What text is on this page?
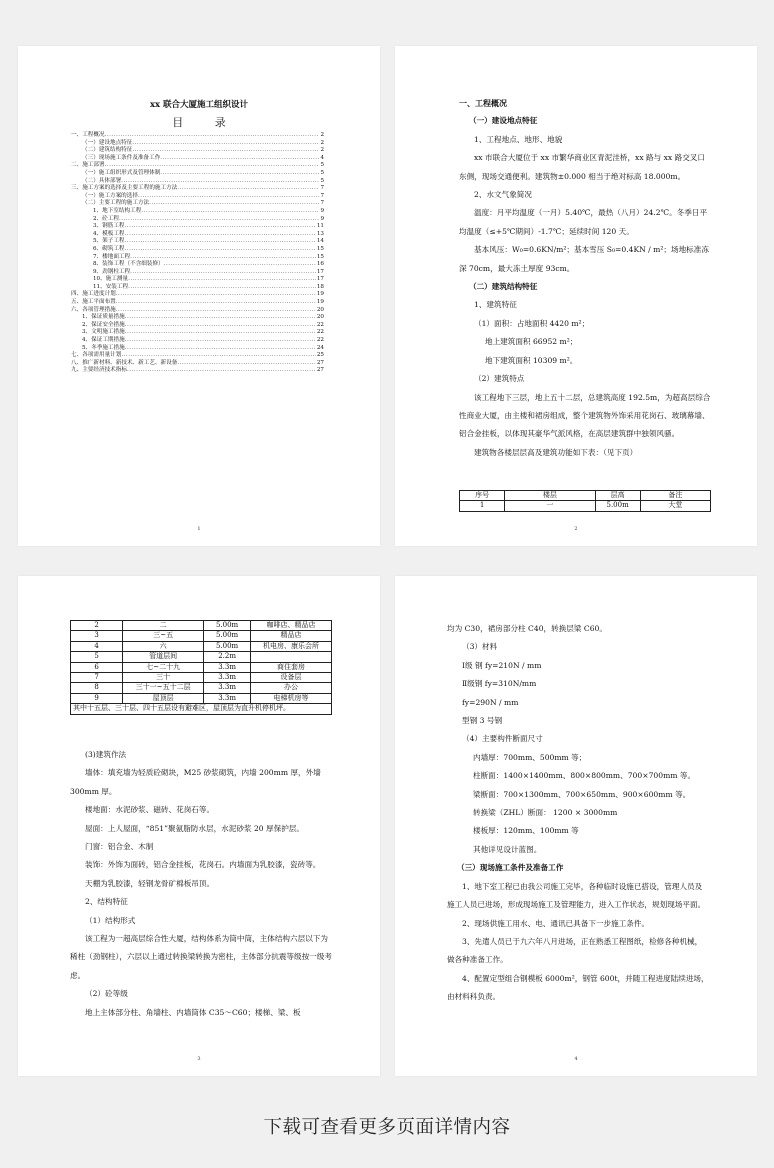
xx 联合大厦施工组织设计
目 录
一、工程概况 .....	2
（一）建设地点特征 .....	2
（二）建筑结构特征 .....	2
（三）现场施工条件及准备工作 .....	4
二、施工部署 .....	5
（一）施工组织形式及管理体制 .....	5
（二）具体部署 .....	5
三、施工方案的选择及主要工程的施工方法 .....	7
（一）施工方案的选择 .....	7
（二）主要工程的施工方法 .....	7
1、地下室结构工程 .....	9
2、砼工程 .....	9
3、钢筋工程 .....	11
4、模板工程 .....	13
5、架子工程 .....	14
6、砌筑工程 .....	15
7、楼地面工程 .....	15
8、装饰工程（不含细装修） .....	16
9、劲钢柱工程 .....	17
10、施工测量 .....	17
11、安装工程 .....	18
四、施工进度计划 .....	19
五、施工平面布置 .....	19
六、各项管理措施 .....	20
1、保证质量措施 .....	20
2、保证安全措施 .....	22
3、文明施工措施 .....	22
4、保证工期措施 .....	22
5、冬季施工措施 .....	24
七、各项需用量计划 .....	25
八、推广新材料、新技术、新工艺、新设备 .....	27
九、主要经济技术指标 .....	27
1
一、工程概况
（一）建设地点特征
1、工程地点、地形、地貌
xx 市联合大厦位于 xx 市繁华商业区青泥洼桥，xx 路与 xx 路交叉口东侧，现场交通便利。建筑物±0.000 相当于绝对标高 18.000m。
2、水文气象简况
温度：月平均温度（一月）5.40℃，最热（八月）24.2℃。冬季日平均温度（≤+5℃期间）-1.7℃；延续时间 120 天。
基本风压：W₀=0.6KN/m²；基本雪压 S₀=0.4KN / m²；场地标准冻深 70cm，最大冻土厚度 93cm。
（二）建筑结构特征
1、建筑特征
（1）面积：占地面积 4420 m²；
地上建筑面积 66952 m²；
地下建筑面积 10309 m²。
（2）建筑特点
该工程地下三层，地上五十二层，总建筑高度 192.5m，为超高层综合性商业大厦，由主楼和裙房组成，整个建筑物外饰采用花岗石、玻璃幕墙、铝合金挂板，以体现其豪华气派风格，在高层建筑群中独领风骚。
建筑物各楼层层高及建筑功能如下表：（见下页）
序号	楼层	层高	备注
1	一	5.00m	大堂
2
2	二	5.00m	咖啡店、精品店
3	三~五	5.00m	精品店
4	六	5.00m	机电房、康乐会所
5	管道层间	2.2m	
6	七~二十九	3.3m	商住套房
7	三十	3.3m	设备层
8	三十一~五十二层	3.3m	办公
9	屋顶层	3.3m	电梯机房等
其中十五层、三十层、四十五层设有避难区，屋顶层为直升机停机坪。			
(3)建筑作法
墙体：填充墙为轻质砼砌块，M25 砂浆砌筑，内墙 200mm 厚，外墙 300mm 厚。
楼地面：水泥砂浆、磁砖、花岗石等。
屋面：上人屋面，“851”聚氨脂防水层，水泥砂浆 20 厚保护层。
门窗：铝合金、木制
装饰：外饰为面砖，铝合金挂板，花岗石。内墙面为乳胶漆，瓷砖等。
天棚为乳胶漆，轻钢龙骨矿棉板吊顶。
2、结构特征
（1）结构形式
该工程为一超高层综合性大厦，结构体系为筒中筒，主体结构六层以下为稀柱（劲钢柱），六层以上通过转换梁转换为密柱，主体部分抗震等级按一级考虑。
（2）砼等级
地上主体部分柱、角墙柱、内墙筒体 C35～C60；楼梯、梁、板
3
均为 C30，裙房部分柱 C40，转换层梁 C60。
（3）材料
Ⅰ级 钢 fy=210N / mm
Ⅱ级钢 fy=310N/mm
fy=290N / mm
型钢 3 号钢
（4）主要构件断面尺寸
内墙厚：700mm、500mm 等；
柱断面：1400×1400mm、800×800mm、700×700mm 等。
梁断面：700×1300mm、700×650mm、900×600mm 等。
转换梁（ZHL）断面： 1200 × 3000mm
楼板厚：120mm、100mm 等
其他详见设计蓝图。
（三）现场施工条件及准备工作
1、地下室工程已由我公司施工完毕，各种临时设施已搭设，管理人员及施工人员已进场，形成现场施工及管理能力，进入工作状态，规划现场平面。
2、现场供施工用水、电、通讯已具备下一步施工条件。
3、先遣人员已于九六年八月进场，正在熟悉工程图纸，检修各种机械，做各种准备工作。
4、配置定型组合钢模板 6000m²，钢管 600t，并随工程进度陆续进场，由材料科负责。
4
下载可查看更多页面详情内容
